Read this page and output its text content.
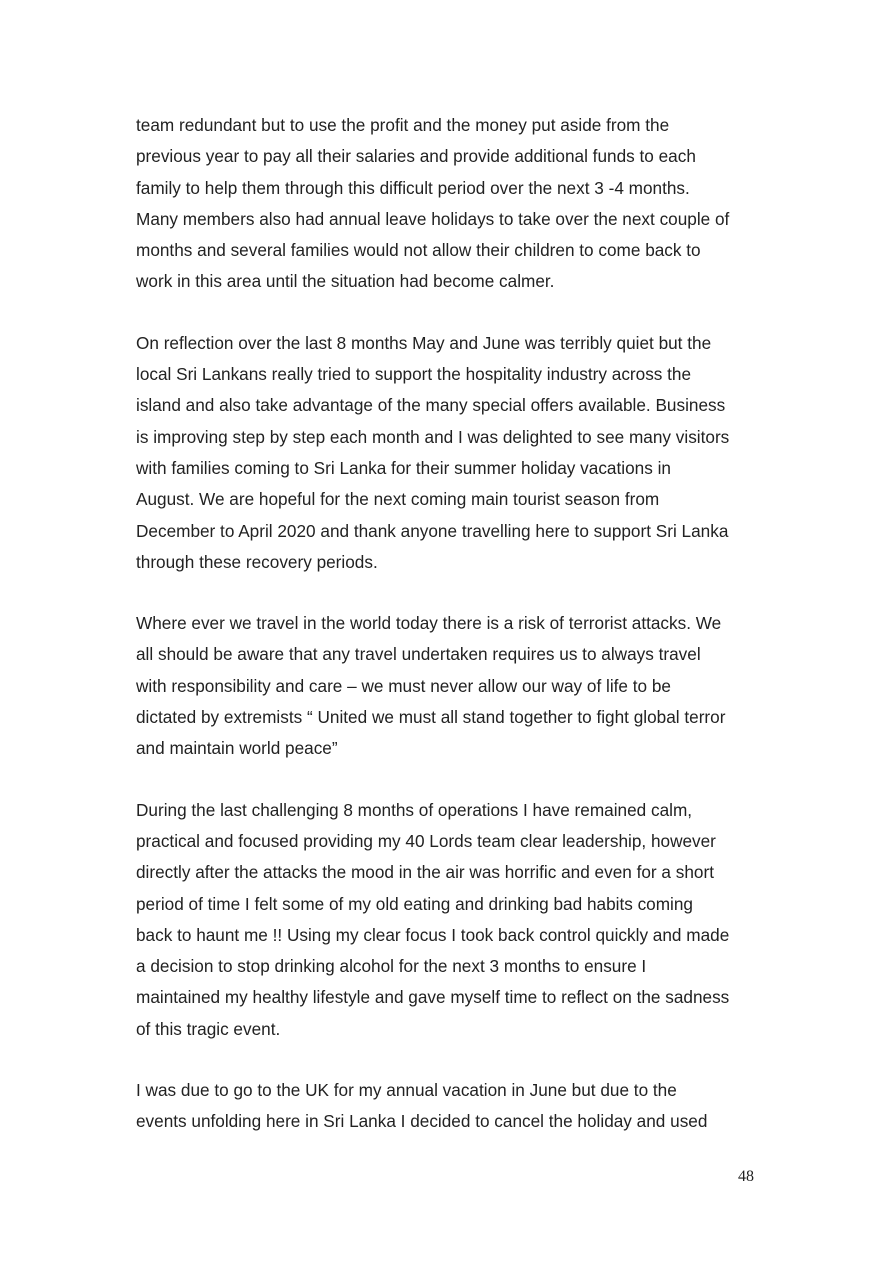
team redundant but to use the profit and the money put aside from the
previous year to pay all their salaries and provide additional funds to each
family to help them through this difficult period over the next 3 -4 months.
Many members also had annual leave holidays to take over the next couple of
months and several families would not allow their children to come back to
work in this area until the situation had become calmer.

On reflection over the last 8 months May and June was terribly quiet but the
local Sri Lankans really tried to support the hospitality industry across the
island and also take advantage of the many special offers available. Business
is improving step by step each month and I was delighted to see many visitors
with families coming to Sri Lanka for their summer holiday vacations in
August. We are hopeful for the next coming main tourist season from
December to April 2020 and thank anyone travelling here to support Sri Lanka
through these recovery periods.

Where ever we travel in the world today there is a risk of terrorist attacks. We
all should be aware that any travel undertaken requires us to always travel
with responsibility and care – we must never allow our way of life to be
dictated by extremists “ United we must all stand together to fight global terror
and maintain world peace”

During the last challenging 8 months of operations I have remained calm,
practical and focused providing my 40 Lords team clear leadership, however
directly after the attacks the mood in the air was horrific and even for a short
period of time I felt some of my old eating and drinking bad habits coming
back to haunt me !! Using my clear focus I took back control quickly and made
a decision to stop drinking alcohol for the next 3 months to ensure I
maintained my healthy lifestyle and gave myself time to reflect on the sadness
of this tragic event.

I was due to go to the UK for my annual vacation in June but due to the
events unfolding here in Sri Lanka I decided to cancel the holiday and used

48
